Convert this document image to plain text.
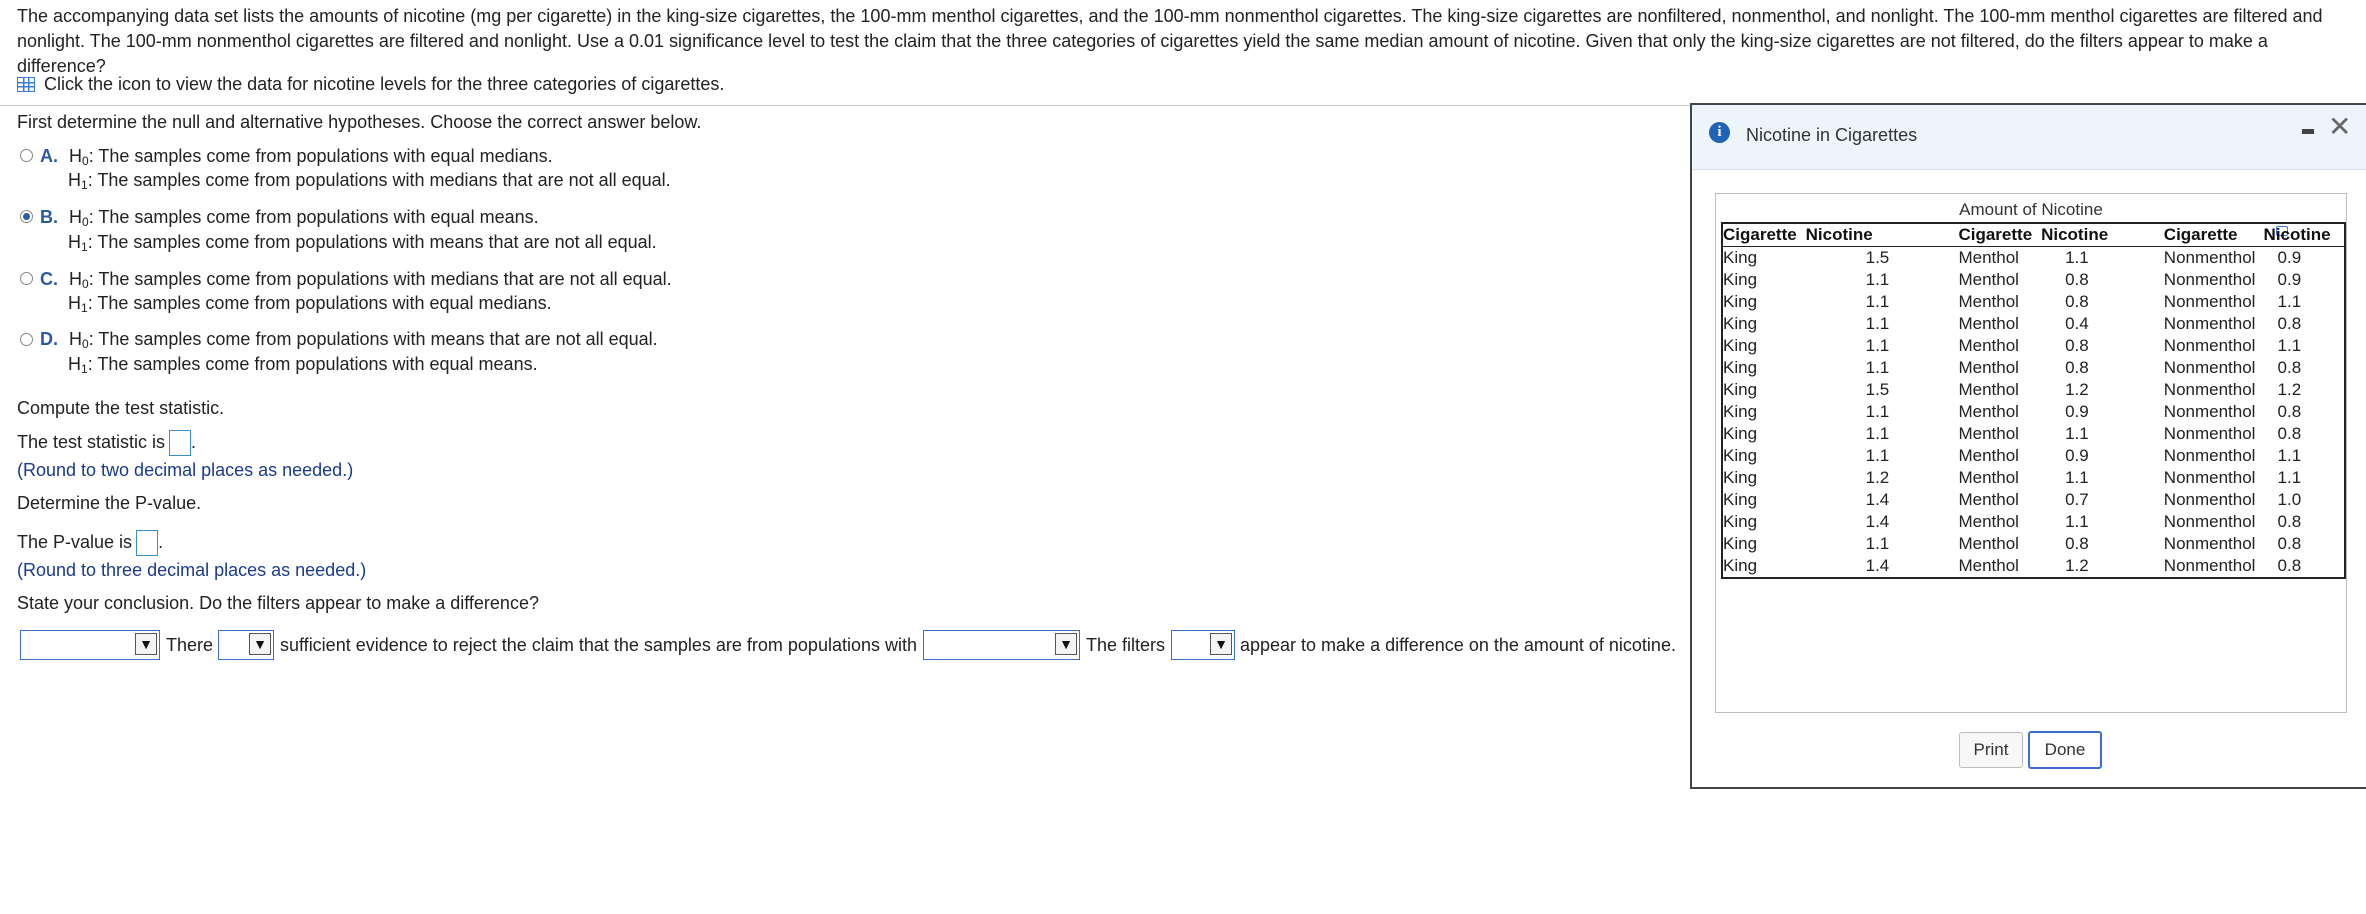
The accompanying data set lists the amounts of nicotine (mg per cigarette) in the king-size cigarettes, the 100-mm menthol cigarettes, and the 100-mm nonmenthol cigarettes. The king-size cigarettes are nonfiltered, nonmenthol, and nonlight. The 100-mm menthol cigarettes are filtered and nonlight. The 100-mm nonmenthol cigarettes are filtered and nonlight. Use a 0.01 significance level to test the claim that the three categories of cigarettes yield the same median amount of nicotine. Given that only the king-size cigarettes are not filtered, do the filters appear to make a difference?
Click the icon to view the data for nicotine levels for the three categories of cigarettes.
First determine the null and alternative hypotheses. Choose the correct answer below.
A. $H_0$: The samples come from populations with equal medians.
$H_1$: The samples come from populations with medians that are not all equal.
B. $H_0$: The samples come from populations with equal means.
$H_1$: The samples come from populations with means that are not all equal.
C. $H_0$: The samples come from populations with medians that are not all equal.
$H_1$: The samples come from populations with equal medians.
D. $H_0$: The samples come from populations with means that are not all equal.
$H_1$: The samples come from populations with equal means.
Compute the test statistic.
The test statistic is .
(Round to two decimal places as needed.)
Determine the P-value.
The P-value is .
(Round to three decimal places as needed.)
State your conclusion. Do the filters appear to make a difference?
▼ There	▼ sufficient evidence to reject the claim that the samples are from populations with	▼ The filters	▼ appear to make a difference on the amount of nicotine.
i	Nicotine in Cigarettes	✕
Amount of Nicotine
Cigarette	Nicotine	Cigarette	Nicotine	Cigarette	Nicotine
King	1.5	Menthol	1.1	Nonmenthol	0.9
King	1.1	Menthol	0.8	Nonmenthol	0.9
King	1.1	Menthol	0.8	Nonmenthol	1.1
King	1.1	Menthol	0.4	Nonmenthol	0.8
King	1.1	Menthol	0.8	Nonmenthol	1.1
King	1.1	Menthol	0.8	Nonmenthol	0.8
King	1.5	Menthol	1.2	Nonmenthol	1.2
King	1.1	Menthol	0.9	Nonmenthol	0.8
King	1.1	Menthol	1.1	Nonmenthol	0.8
King	1.1	Menthol	0.9	Nonmenthol	1.1
King	1.2	Menthol	1.1	Nonmenthol	1.1
King	1.4	Menthol	0.7	Nonmenthol	1.0
King	1.4	Menthol	1.1	Nonmenthol	0.8
King	1.1	Menthol	0.8	Nonmenthol	0.8
King	1.4	Menthol	1.2	Nonmenthol	0.8
Print	Done
